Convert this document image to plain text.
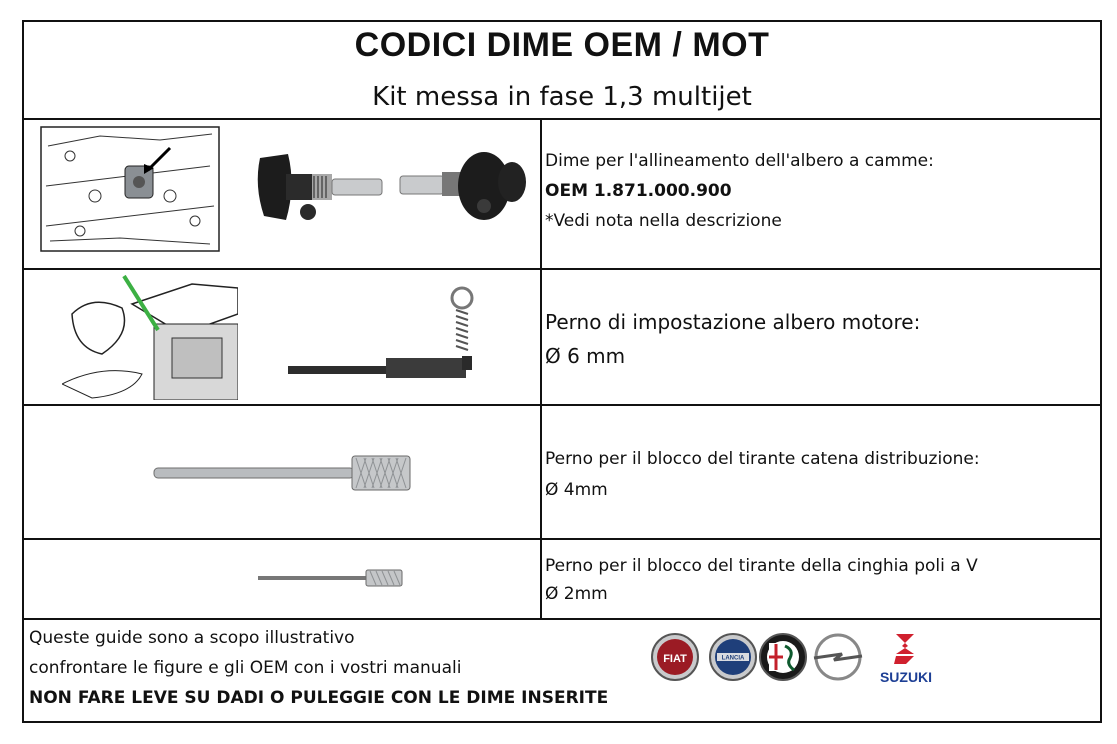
CODICI DIME OEM / MOT
Kit messa in fase 1,3 multijet
Dime per l'allineamento dell'albero a camme:
OEM 1.871.000.900
*Vedi nota nella descrizione
Perno di impostazione albero motore:
Ø 6 mm
Perno per il blocco del tirante catena distribuzione:
Ø 4mm
Perno per il blocco del tirante della cinghia poli a V
Ø 2mm
Queste guide sono a scopo illustrativo
confrontare le figure e gli OEM con i vostri manuali
NON FARE LEVE SU DADI O PULEGGIE CON LE DIME INSERITE
FIAT	LANCIA
SUZUKI
